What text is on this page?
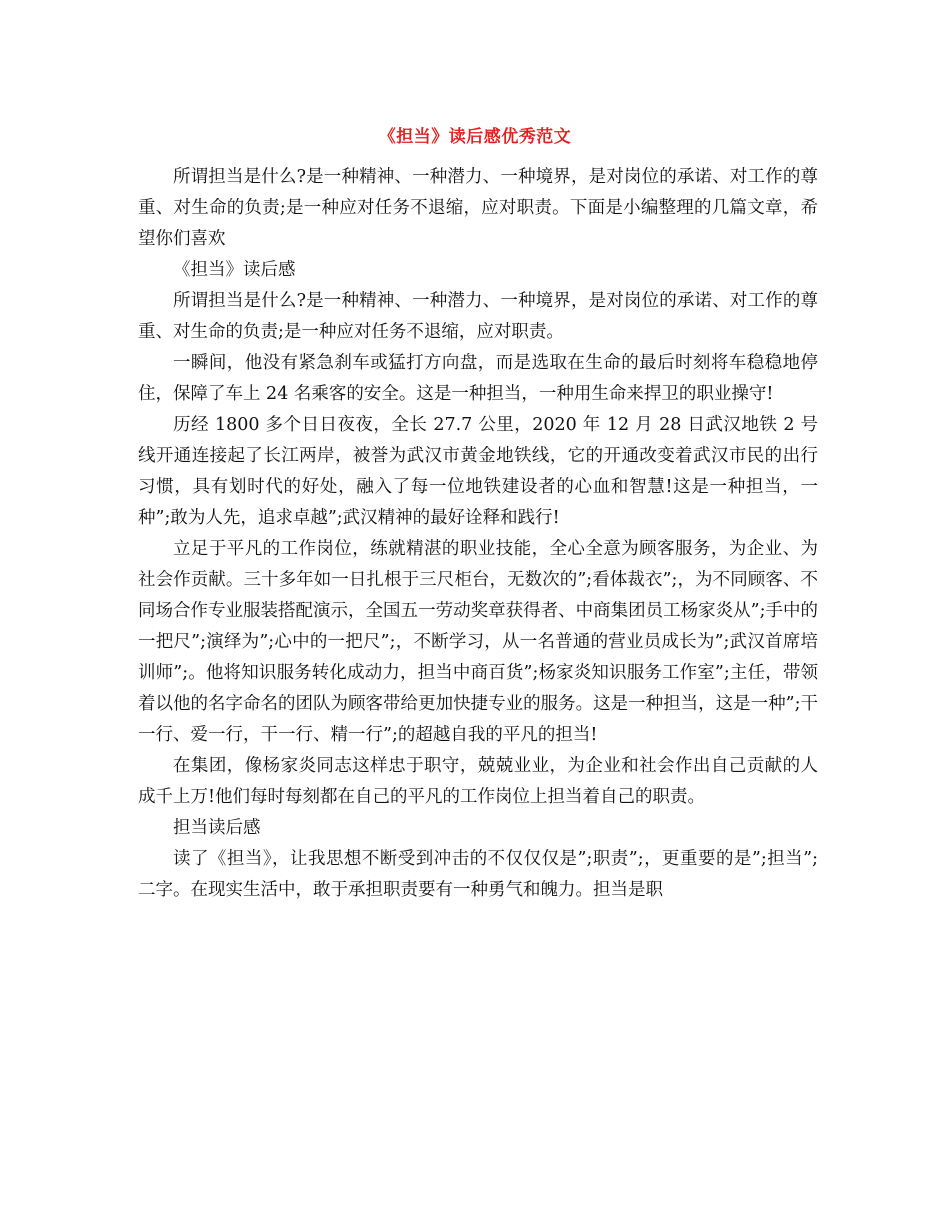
《担当》读后感优秀范文

所谓担当是什么?是一种精神、一种潜力、一种境界，是对岗位的承诺、对工作的尊重、对生命的负责;是一种应对任务不退缩，应对职责。下面是小编整理的几篇文章，希望你们喜欢

《担当》读后感

所谓担当是什么?是一种精神、一种潜力、一种境界，是对岗位的承诺、对工作的尊重、对生命的负责;是一种应对任务不退缩，应对职责。

一瞬间，他没有紧急刹车或猛打方向盘，而是选取在生命的最后时刻将车稳稳地停住，保障了车上 24 名乘客的安全。这是一种担当，一种用生命来捍卫的职业操守!

历经 1800 多个日日夜夜，全长 27.7 公里，2020 年 12 月 28 日武汉地铁 2 号线开通连接起了长江两岸，被誉为武汉市黄金地铁线，它的开通改变着武汉市民的出行习惯，具有划时代的好处，融入了每一位地铁建设者的心血和智慧!这是一种担当，一种”;敢为人先，追求卓越”;武汉精神的最好诠释和践行!

立足于平凡的工作岗位，练就精湛的职业技能，全心全意为顾客服务，为企业、为社会作贡献。三十多年如一日扎根于三尺柜台，无数次的”;看体裁衣”;，为不同顾客、不同场合作专业服装搭配演示，全国五一劳动奖章获得者、中商集团员工杨家炎从”;手中的一把尺”;演绎为”;心中的一把尺”;，不断学习，从一名普通的营业员成长为”;武汉首席培训师”;。他将知识服务转化成动力，担当中商百货”;杨家炎知识服务工作室”;主任，带领着以他的名字命名的团队为顾客带给更加快捷专业的服务。这是一种担当，这是一种”;干一行、爱一行，干一行、精一行”;的超越自我的平凡的担当!

在集团，像杨家炎同志这样忠于职守，兢兢业业，为企业和社会作出自己贡献的人成千上万!他们每时每刻都在自己的平凡的工作岗位上担当着自己的职责。

担当读后感

读了《担当》，让我思想不断受到冲击的不仅仅仅是”;职责”;，更重要的是”;担当”;二字。在现实生活中，敢于承担职责要有一种勇气和魄力。担当是职
